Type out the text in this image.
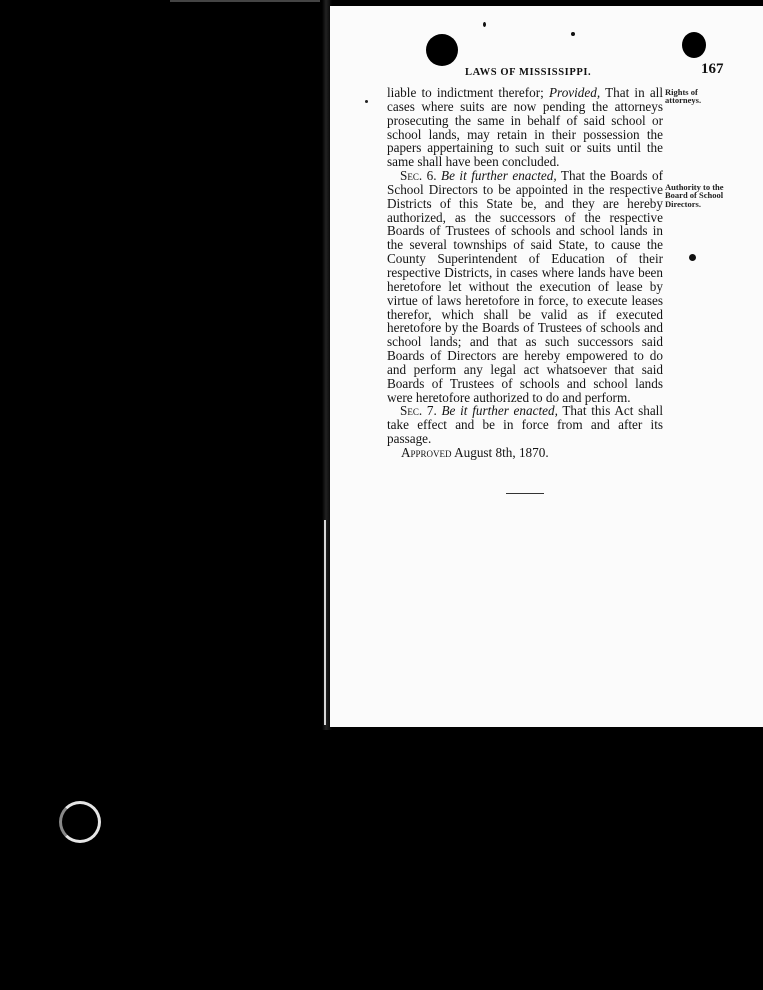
LAWS OF MISSISSIPPI.	167

liable to indictment therefor; Provided, That in all cases where suits are now pending the attorneys prosecuting the same in behalf of said school or school lands, may retain in their possession the papers appertaining to such suit or suits until the same shall have been concluded.

Sec. 6. Be it further enacted, That the Boards of School Directors to be appointed in the respective Districts of this State be, and they are hereby authorized, as the successors of the respective Boards of Trustees of schools and school lands in the several townships of said State, to cause the County Superintendent of Education of their respective Districts, in cases where lands have been heretofore let without the execution of lease by virtue of laws heretofore in force, to execute leases therefor, which shall be valid as if executed heretofore by the Boards of Trustees of schools and school lands; and that as such successors said Boards of Directors are hereby empowered to do and perform any legal act whatsoever that said Boards of Trustees of schools and school lands were heretofore authorized to do and perform.

Sec. 7. Be it further enacted, That this Act shall take effect and be in force from and after its passage.

Approved August 8th, 1870.

Rights of attorneys.
Authority to the Board of School Directors.
